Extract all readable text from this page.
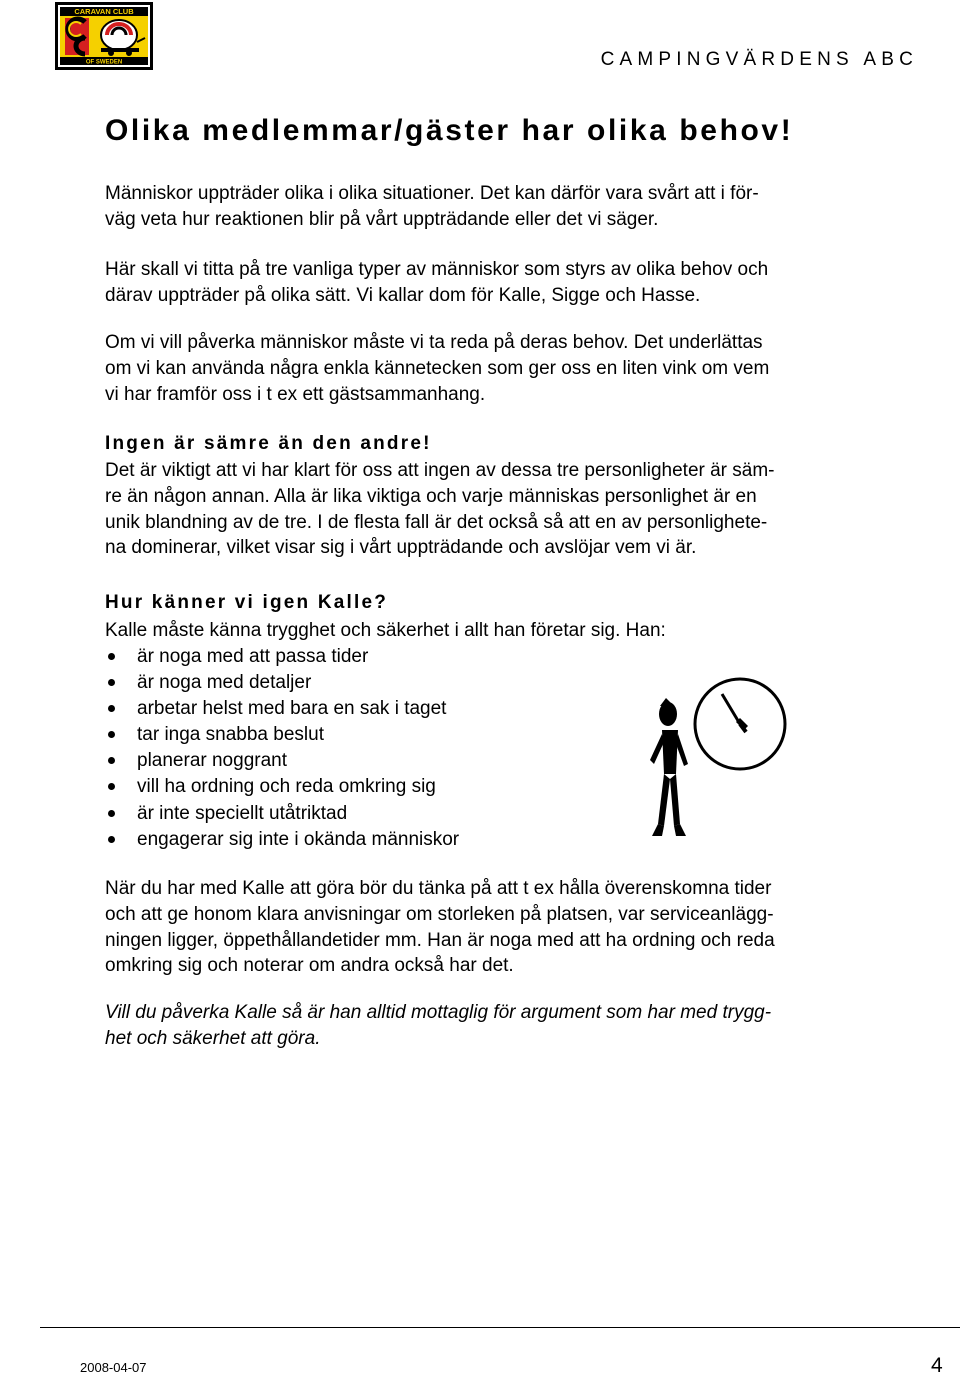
CARAVAN CLUB
OF SWEDEN	CAMPINGVÄRDENS ABC
Olika medlemmar/gäster har olika behov!

Människor uppträder olika i olika situationer. Det kan därför vara svårt att i för-
väg veta hur reaktionen blir på vårt uppträdande eller det vi säger.

Här skall vi titta på tre vanliga typer av människor som styrs av olika behov och
därav uppträder på olika sätt. Vi kallar dom för Kalle, Sigge och Hasse.

Om vi vill påverka människor måste vi ta reda på deras behov. Det underlättas
om vi kan använda några enkla kännetecken som ger oss en liten vink om vem
vi har framför oss i t ex ett gästsammanhang.

Ingen är sämre än den andre!

Det är viktigt att vi har klart för oss att ingen av dessa tre personligheter är säm-
re än någon annan. Alla är lika viktiga och varje människas personlighet är en
unik blandning av de tre. I de flesta fall är det också så att en av personlighete-
na dominerar, vilket visar sig i vårt uppträdande och avslöjar vem vi är.

Hur känner vi igen Kalle?

Kalle måste känna trygghet och säkerhet i allt han företar sig. Han:

är noga med att passa tider
är noga med detaljer
arbetar helst med bara en sak i taget
tar inga snabba beslut
planerar noggrant
vill ha ordning och reda omkring sig
är inte speciellt utåtriktad
engagerar sig inte i okända människor

När du har med Kalle att göra bör du tänka på att t ex hålla överenskomna tider
och att ge honom klara anvisningar om storleken på platsen, var serviceanlägg-
ningen ligger, öppethållandetider mm. Han är noga med att ha ordning och reda
omkring sig och noterar om andra också har det.

Vill du påverka Kalle så är han alltid mottaglig för argument som har med trygg-
het och säkerhet att göra.

2008-04-07	4
